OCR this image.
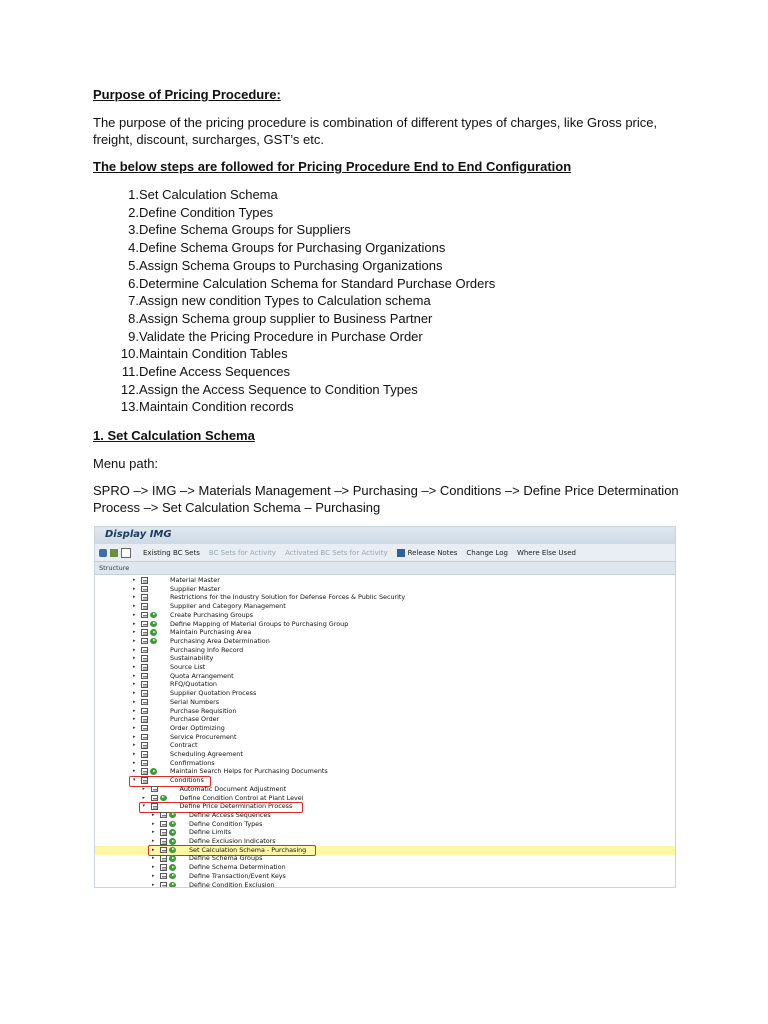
Purpose of Pricing Procedure:

The purpose of the pricing procedure is combination of different types of charges, like Gross price, freight, discount, surcharges, GST’s etc.

The below steps are followed for Pricing Procedure End to End Configuration

1. Set Calculation Schema
2. Define Condition Types
3. Define Schema Groups for Suppliers
4. Define Schema Groups for Purchasing Organizations
5. Assign Schema Groups to Purchasing Organizations
6. Determine Calculation Schema for Standard Purchase Orders
7. Assign new condition Types to Calculation schema
8. Assign Schema group supplier to Business Partner
9. Validate the Pricing Procedure in Purchase Order
10. Maintain Condition Tables
11. Define Access Sequences
12. Assign the Access Sequence to Condition Types
13. Maintain Condition records

1. Set Calculation Schema

Menu path:

SPRO –> IMG –> Materials Management –> Purchasing –> Conditions –> Define Price Determination Process –> Set Calculation Schema – Purchasing

Display IMG
Existing BC Sets BC Sets for Activity Activated BC Sets for Activity	Release Notes Change Log Where Else Used
Structure
▸	Material Master
▸	Supplier Master
▸	Restrictions for the Industry Solution for Defense Forces & Public Security
▸	Supplier and Category Management
▸	Create Purchasing Groups
▸	Define Mapping of Material Groups to Purchasing Group
▸	Maintain Purchasing Area
▸	Purchasing Area Determination
▸	Purchasing Info Record
▸	Sustainability
▸	Source List
▸	Quota Arrangement
▸	RFQ/Quotation
▸	Supplier Quotation Process
▸	Serial Numbers
▸	Purchase Requisition
▸	Purchase Order
▸	Order Optimizing
▸	Service Procurement
▸	Contract
▸	Scheduling Agreement
▸	Confirmations
▸	Maintain Search Helps for Purchasing Documents
▾	Conditions
▸	Automatic Document Adjustment
▸	Define Condition Control at Plant Level
▾	Define Price Determination Process
▸	Define Access Sequences
▸	Define Condition Types
▸	Define Limits
▸	Define Exclusion Indicators
▸	Set Calculation Schema - Purchasing
▸	Define Schema Groups
▸	Define Schema Determination
▸	Define Transaction/Event Keys
▸	Define Condition Exclusion
